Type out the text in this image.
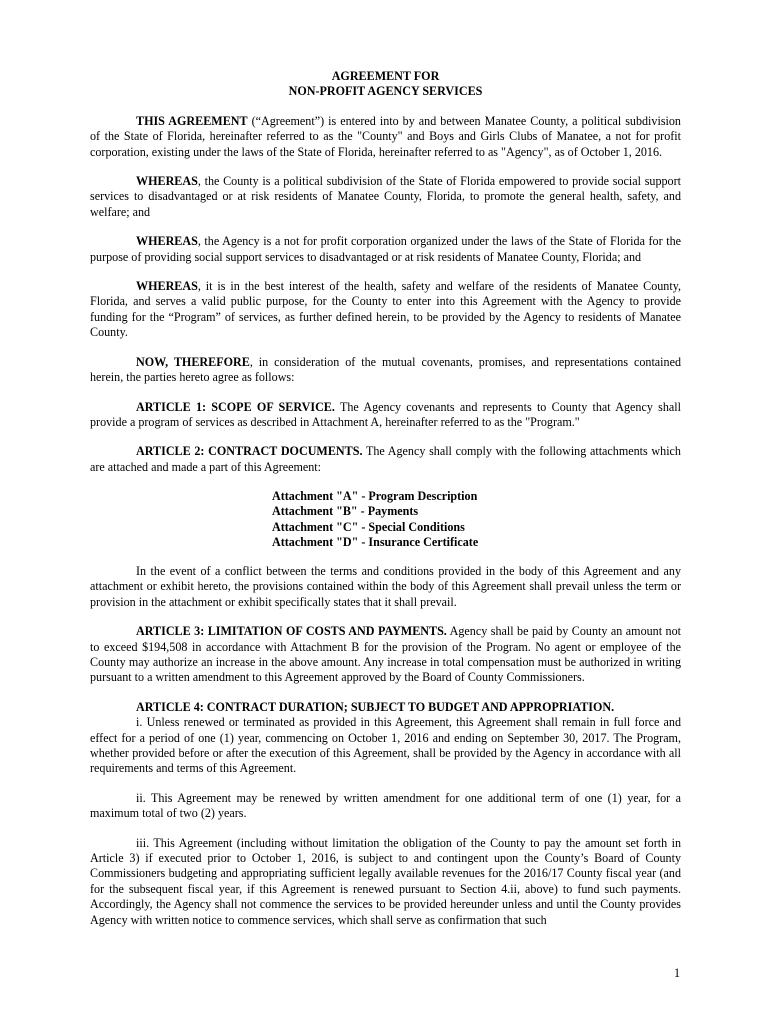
AGREEMENT FOR
NON-PROFIT AGENCY SERVICES

THIS AGREEMENT (“Agreement”) is entered into by and between Manatee County, a political subdivision of the State of Florida, hereinafter referred to as the "County" and Boys and Girls Clubs of Manatee, a not for profit corporation, existing under the laws of the State of Florida, hereinafter referred to as "Agency", as of October 1, 2016.

WHEREAS, the County is a political subdivision of the State of Florida empowered to provide social support services to disadvantaged or at risk residents of Manatee County, Florida, to promote the general health, safety, and welfare; and

WHEREAS, the Agency is a not for profit corporation organized under the laws of the State of Florida for the purpose of providing social support services to disadvantaged or at risk residents of Manatee County, Florida; and

WHEREAS, it is in the best interest of the health, safety and welfare of the residents of Manatee County, Florida, and serves a valid public purpose, for the County to enter into this Agreement with the Agency to provide funding for the “Program” of services, as further defined herein, to be provided by the Agency to residents of Manatee County.

NOW, THEREFORE, in consideration of the mutual covenants, promises, and representations contained herein, the parties hereto agree as follows:

ARTICLE 1: SCOPE OF SERVICE. The Agency covenants and represents to County that Agency shall provide a program of services as described in Attachment A, hereinafter referred to as the "Program."

ARTICLE 2: CONTRACT DOCUMENTS. The Agency shall comply with the following attachments which are attached and made a part of this Agreement:

Attachment "A" - Program Description
Attachment "B" - Payments
Attachment "C" - Special Conditions
Attachment "D" - Insurance Certificate

In the event of a conflict between the terms and conditions provided in the body of this Agreement and any attachment or exhibit hereto, the provisions contained within the body of this Agreement shall prevail unless the term or provision in the attachment or exhibit specifically states that it shall prevail.

ARTICLE 3: LIMITATION OF COSTS AND PAYMENTS. Agency shall be paid by County an amount not to exceed $194,508 in accordance with Attachment B for the provision of the Program. No agent or employee of the County may authorize an increase in the above amount. Any increase in total compensation must be authorized in writing pursuant to a written amendment to this Agreement approved by the Board of County Commissioners.

ARTICLE 4: CONTRACT DURATION; SUBJECT TO BUDGET AND APPROPRIATION.

i. Unless renewed or terminated as provided in this Agreement, this Agreement shall remain in full force and effect for a period of one (1) year, commencing on October 1, 2016 and ending on September 30, 2017. The Program, whether provided before or after the execution of this Agreement, shall be provided by the Agency in accordance with all requirements and terms of this Agreement.

ii. This Agreement may be renewed by written amendment for one additional term of one (1) year, for a maximum total of two (2) years.

iii. This Agreement (including without limitation the obligation of the County to pay the amount set forth in Article 3) if executed prior to October 1, 2016, is subject to and contingent upon the County’s Board of County Commissioners budgeting and appropriating sufficient legally available revenues for the 2016/17 County fiscal year (and for the subsequent fiscal year, if this Agreement is renewed pursuant to Section 4.ii, above) to fund such payments. Accordingly, the Agency shall not commence the services to be provided hereunder unless and until the County provides Agency with written notice to commence services, which shall serve as confirmation that such

1
